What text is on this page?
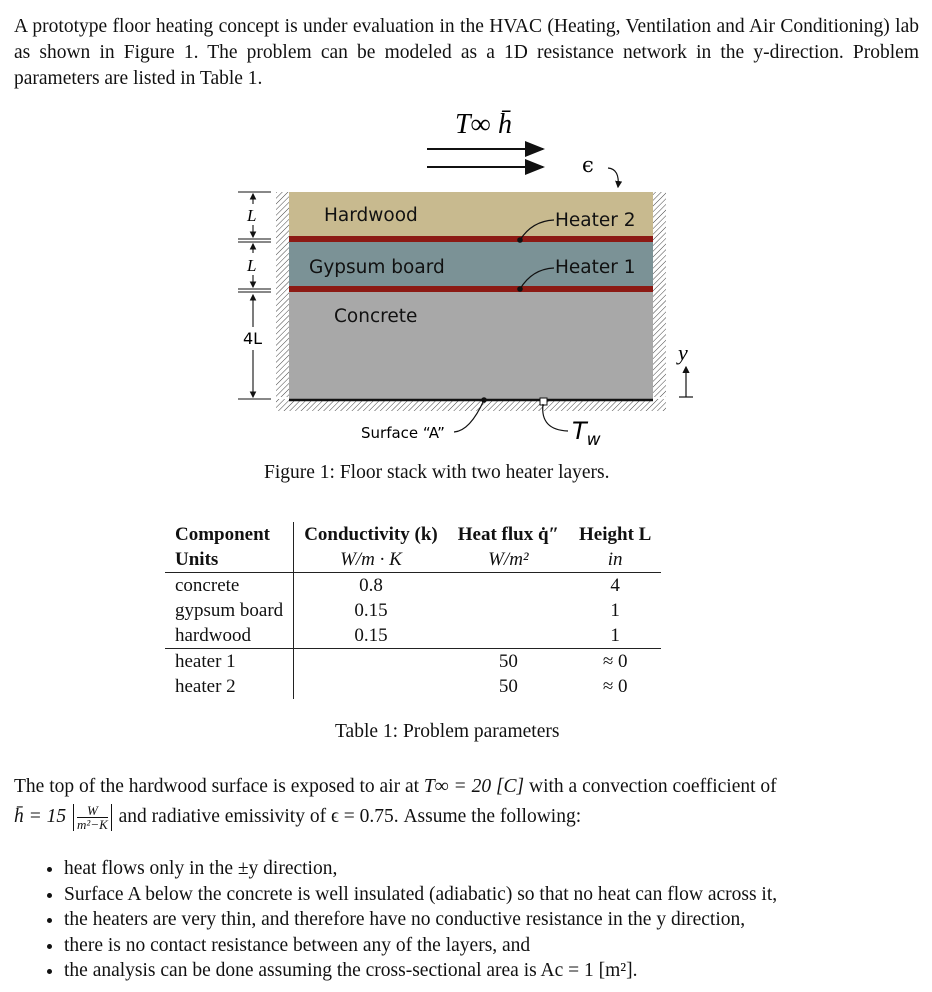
A prototype floor heating concept is under evaluation in the HVAC (Heating, Ventilation and Air Conditioning) lab as shown in Figure 1. The problem can be modeled as a 1D resistance network in the y-direction. Problem parameters are listed in Table 1.
T∞ h̄
ϵ
Hardwood
Gypsum board
Concrete
Heater 2
Heater 1
L
L
4L
y
Surface “A”	$T_w$
Figure 1: Floor stack with two heater layers.
Component	Conductivity (k)	Heat flux q̇″	Height L
Units	W/m · K	W/m²	in
concrete	0.8		4
gypsum board	0.15		1
hardwood	0.15		1
heater 1		50	≈ 0
heater 2		50	≈ 0
Table 1: Problem parameters
The top of the hardwood surface is exposed to air at T∞ = 20 [C] with a convection coefficient of
h̄ = $15 \frac{W}{\text{m²−K}}$ and radiative emissivity of ϵ = 0.75. Assume the following:
• heat flows only in the ±y direction,
• Surface A below the concrete is well insulated (adiabatic) so that no heat can flow across it,
• the heaters are very thin, and therefore have no conductive resistance in the y direction,
• there is no contact resistance between any of the layers, and
• the analysis can be done assuming the cross-sectional area is Ac = 1 [m²].
